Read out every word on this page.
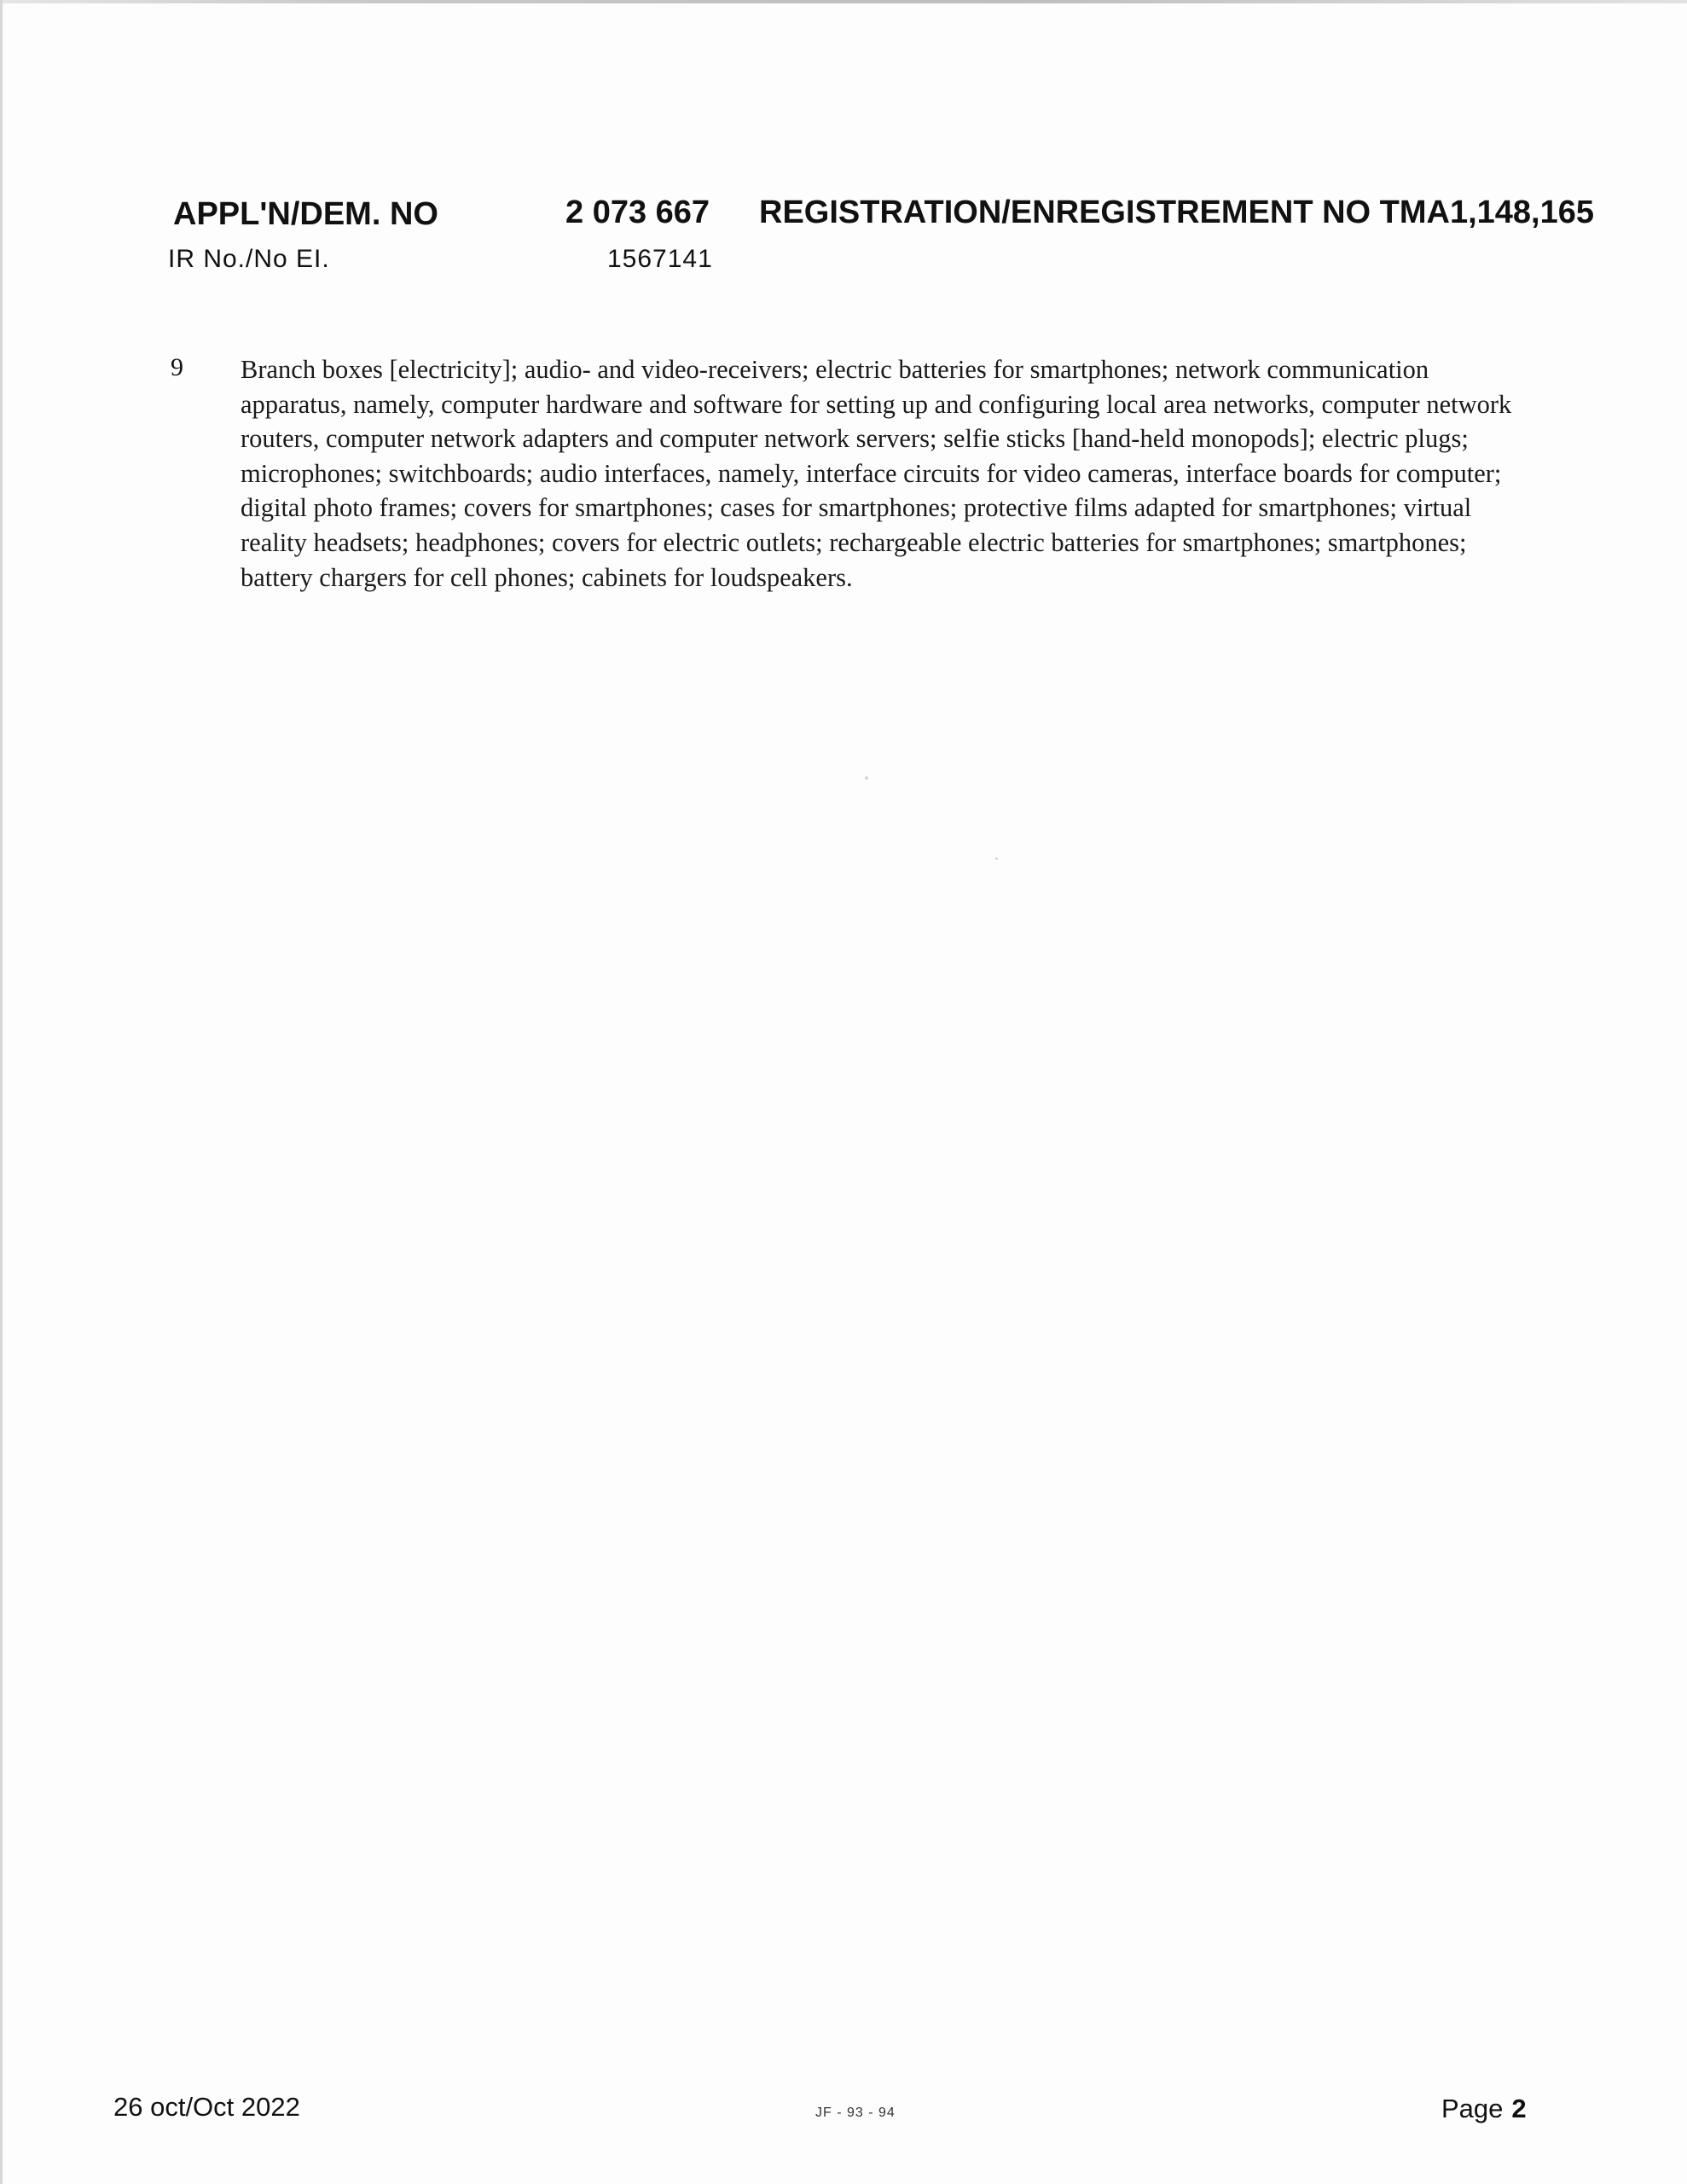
APPL'N/DEM. NO	2 073 667 REGISTRATION/ENREGISTREMENT NO TMA1,148,165
IR No./No EI.	1567141
9 Branch boxes [electricity]; audio- and video-receivers; electric batteries for smartphones; network communication apparatus, namely, computer hardware and software for setting up and configuring local area networks, computer network routers, computer network adapters and computer network servers; selfie sticks [hand-held monopods]; electric plugs; microphones; switchboards; audio interfaces, namely, interface circuits for video cameras, interface boards for computer; digital photo frames; covers for smartphones; cases for smartphones; protective films adapted for smartphones; virtual reality headsets; headphones; covers for electric outlets; rechargeable electric batteries for smartphones; smartphones; battery chargers for cell phones; cabinets for loudspeakers.
26 oct/Oct 2022	JF - 93 - 94	Page 2
